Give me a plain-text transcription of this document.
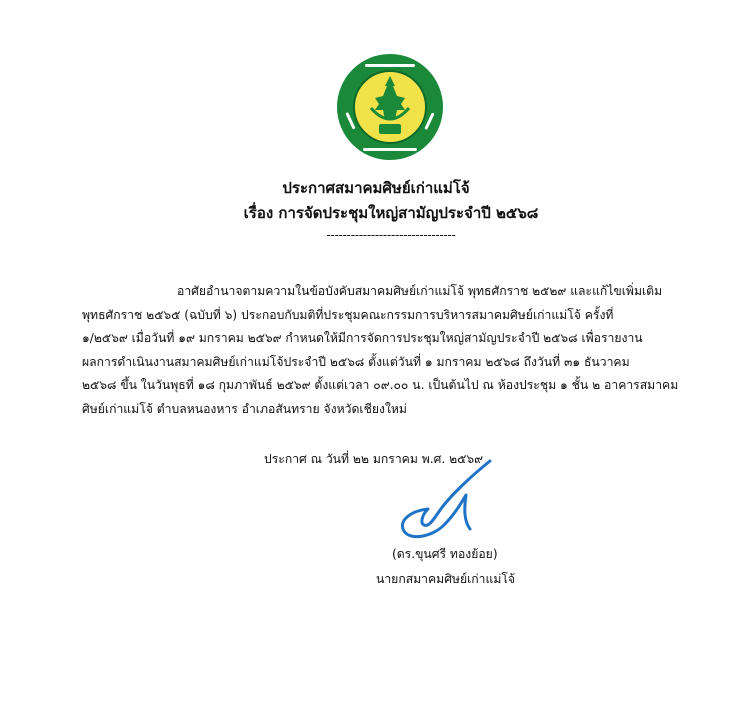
ประกาศสมาคมศิษย์เก่าแม่โจ้
เรื่อง การจัดประชุมใหญ่สามัญประจำปี ๒๕๖๘
--------------------------------
อาศัยอำนาจตามความในข้อบังคับสมาคมศิษย์เก่าแม่โจ้ พุทธศักราช ๒๕๒๙ และแก้ไขเพิ่มเติม
พุทธศักราช ๒๕๖๕ (ฉบับที่ ๖) ประกอบกับมติที่ประชุมคณะกรรมการบริหารสมาคมศิษย์เก่าแม่โจ้ ครั้งที่
๑/๒๕๖๙ เมื่อวันที่ ๑๙ มกราคม ๒๕๖๙ กำหนดให้มีการจัดการประชุมใหญ่สามัญประจำปี ๒๕๖๘ เพื่อรายงาน
ผลการดำเนินงานสมาคมศิษย์เก่าแม่โจ้ประจำปี ๒๕๖๘ ตั้งแต่วันที่ ๑ มกราคม ๒๕๖๘ ถึงวันที่ ๓๑ ธันวาคม
๒๕๖๘ ขึ้น ในวันพุธที่ ๑๘ กุมภาพันธ์ ๒๕๖๙ ตั้งแต่เวลา ๐๙.๐๐ น. เป็นต้นไป ณ ห้องประชุม ๑ ชั้น ๒ อาคารสมาคม
ศิษย์เก่าแม่โจ้ ตำบลหนองหาร อำเภอสันทราย จังหวัดเชียงใหม่
ประกาศ ณ วันที่ ๒๒ มกราคม พ.ศ. ๒๕๖๙
(ดร.ขุนศรี ทองย้อย)
นายกสมาคมศิษย์เก่าแม่โจ้
